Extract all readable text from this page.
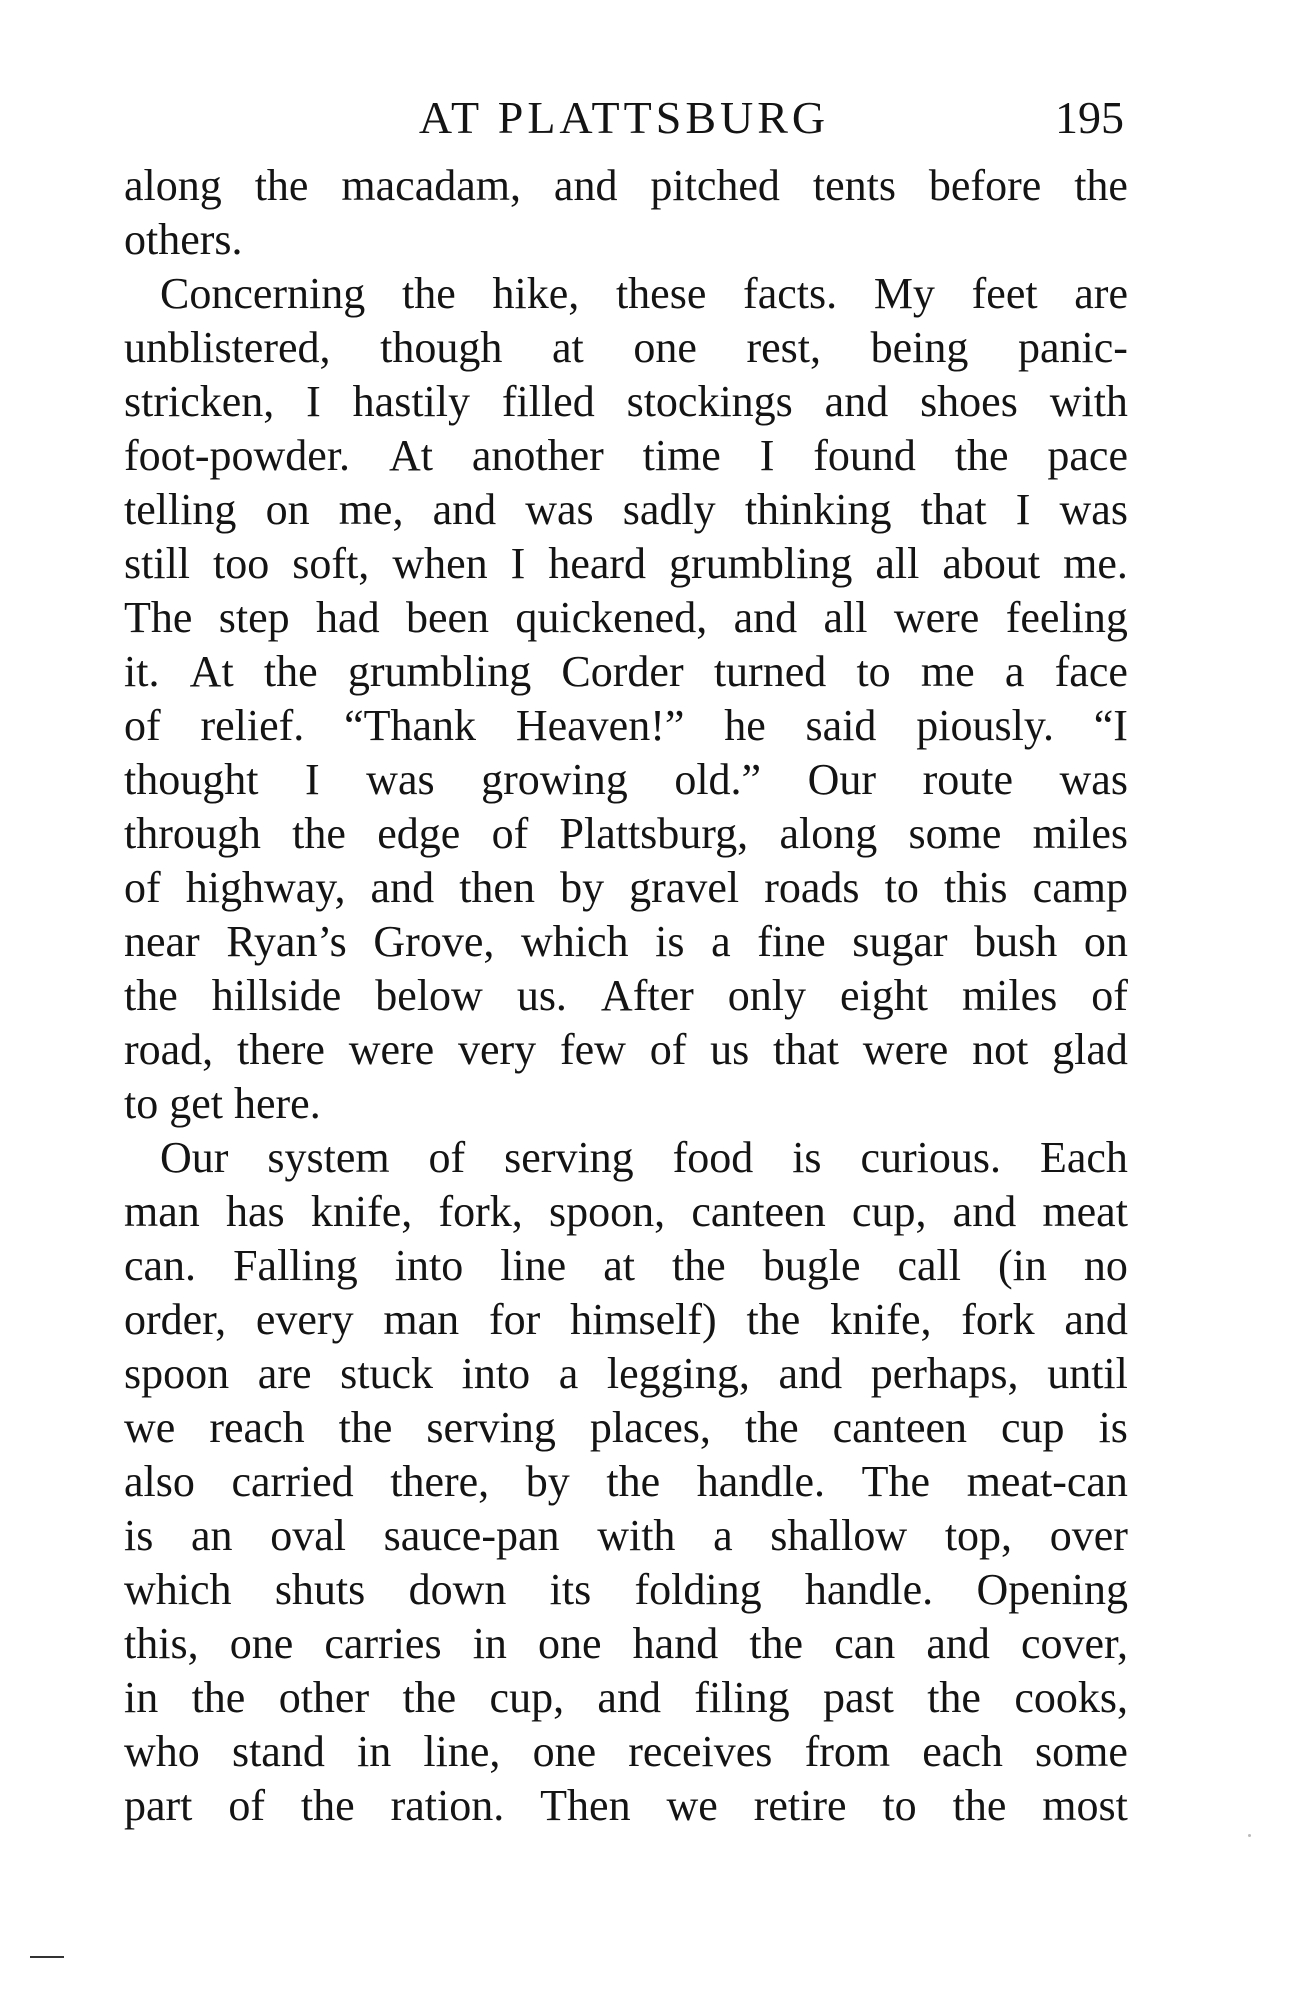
AT PLATTSBURG	195
along the macadam, and pitched tents before the
others.
Concerning the hike, these facts. My feet are
unblistered, though at one rest, being panic-
stricken, I hastily filled stockings and shoes with
foot-powder. At another time I found the pace
telling on me, and was sadly thinking that I was
still too soft, when I heard grumbling all about me.
The step had been quickened, and all were feeling
it. At the grumbling Corder turned to me a face
of relief. “Thank Heaven!” he said piously. “I
thought I was growing old.” Our route was
through the edge of Plattsburg, along some miles
of highway, and then by gravel roads to this camp
near Ryan’s Grove, which is a fine sugar bush on
the hillside below us. After only eight miles of
road, there were very few of us that were not glad
to get here.
Our system of serving food is curious. Each
man has knife, fork, spoon, canteen cup, and meat
can. Falling into line at the bugle call (in no
order, every man for himself) the knife, fork and
spoon are stuck into a legging, and perhaps, until
we reach the serving places, the canteen cup is
also carried there, by the handle. The meat-can
is an oval sauce-pan with a shallow top, over
which shuts down its folding handle. Opening
this, one carries in one hand the can and cover,
in the other the cup, and filing past the cooks,
who stand in line, one receives from each some
part of the ration. Then we retire to the most
